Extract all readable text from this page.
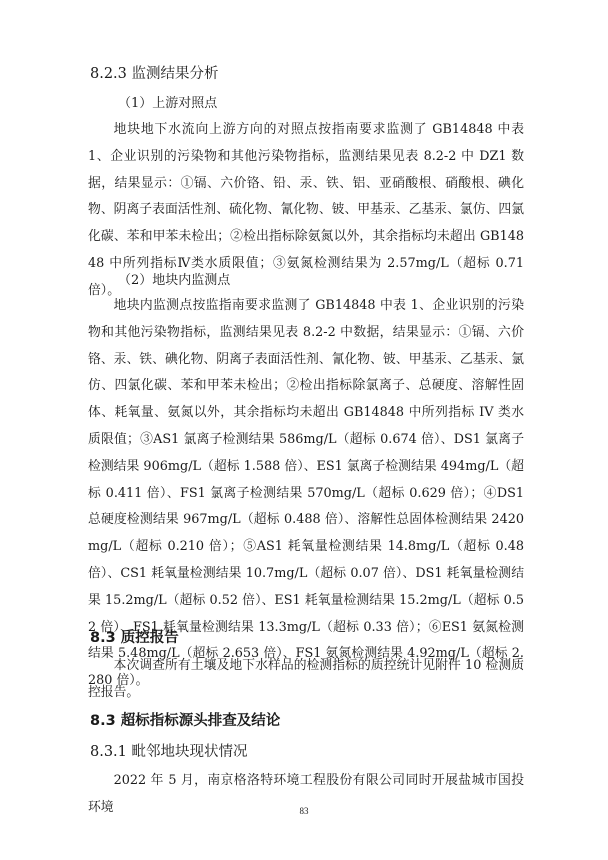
8.2.3 监测结果分析
（1）上游对照点

地块地下水流向上游方向的对照点按指南要求监测了 GB14848 中表 1、企业识别的污染物和其他污染物指标，监测结果见表 8.2-2 中 DZ1 数据，结果显示：①镉、六价铬、铅、汞、铁、铝、亚硝酸根、硝酸根、碘化物、阴离子表面活性剂、硫化物、氰化物、铍、甲基汞、乙基汞、氯仿、四氯化碳、苯和甲苯未检出；②检出指标除氨氮以外，其余指标均未超出 GB14848 中所列指标Ⅳ类水质限值；③氨氮检测结果为 2.57mg/L（超标 0.71 倍）。

（2）地块内监测点

地块内监测点按监指南要求监测了 GB14848 中表 1、企业识别的污染物和其他污染物指标，监测结果见表 8.2-2 中数据，结果显示：①镉、六价铬、汞、铁、碘化物、阴离子表面活性剂、氰化物、铍、甲基汞、乙基汞、氯仿、四氯化碳、苯和甲苯未检出；②检出指标除氯离子、总硬度、溶解性固体、耗氧量、氨氮以外，其余指标均未超出 GB14848 中所列指标 IV 类水质限值；③AS1 氯离子检测结果 586mg/L（超标 0.674 倍）、DS1 氯离子检测结果 906mg/L（超标 1.588 倍）、ES1 氯离子检测结果 494mg/L（超标 0.411 倍）、FS1 氯离子检测结果 570mg/L（超标 0.629 倍）；④DS1 总硬度检测结果 967mg/L（超标 0.488 倍）、溶解性总固体检测结果 2420mg/L（超标 0.210 倍）；⑤AS1 耗氧量检测结果 14.8mg/L（超标 0.48 倍）、CS1 耗氧量检测结果 10.7mg/L（超标 0.07 倍）、DS1 耗氧量检测结果 15.2mg/L（超标 0.52 倍）、ES1 耗氧量检测结果 15.2mg/L（超标 0.52 倍）、FS1 耗氧量检测结果 13.3mg/L（超标 0.33 倍）；⑥ES1 氨氮检测结果 5.48mg/L（超标 2.653 倍）、FS1 氨氮检测结果 4.92mg/L（超标 2.280 倍）。

8.3 质控报告

本次调查所有土壤及地下水样品的检测指标的质控统计见附件 10 检测质控报告。

8.3 超标指标源头排查及结论
8.3.1 毗邻地块现状情况

2022 年 5 月，南京格洛特环境工程股份有限公司同时开展盐城市国投环境	83
